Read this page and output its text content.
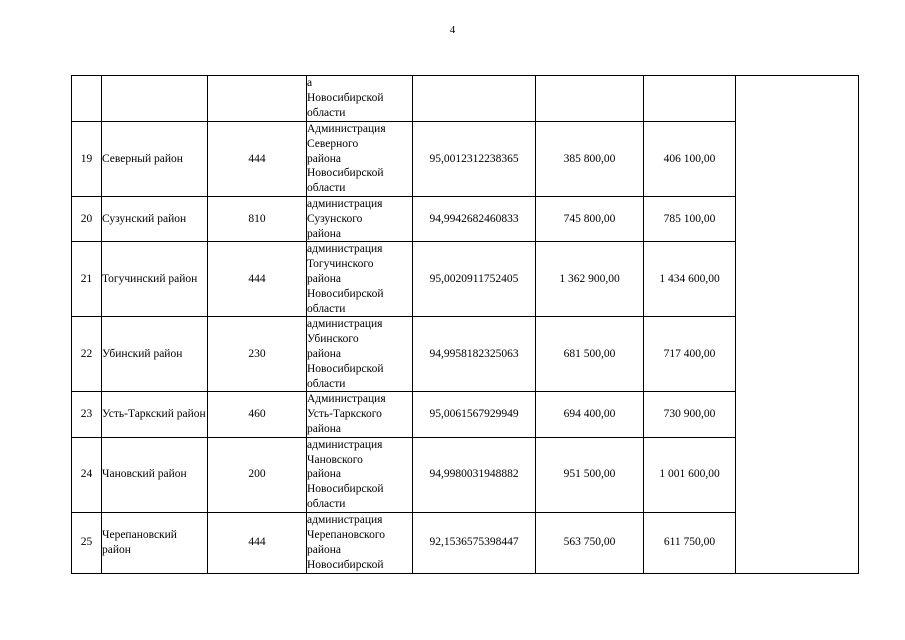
4

			а
Новосибирской
области				

19	Северный район	444	Администрация
Северного
района
Новосибирской
области	95,0012312238365	385 800,00	406 100,00	
20	Сузунский район	810	администрация
Сузунского
района	94,9942682460833	745 800,00	785 100,00	
21	Тогучинский район	444	администрация
Тогучинского
района
Новосибирской
области	95,0020911752405	1 362 900,00	1 434 600,00	
22	Убинский район	230	администрация
Убинского
района
Новосибирской
области	94,9958182325063	681 500,00	717 400,00	
23	Усть-Таркский район	460	Администрация
Усть-Таркского
района	95,0061567929949	694 400,00	730 900,00	
24	Чановский район	200	администрация
Чановского
района
Новосибирской
области	94,9980031948882	951 500,00	1 001 600,00	
25	Черепановский район	444	администрация
Черепановского
района
Новосибирской	92,1536575398447	563 750,00	611 750,00	
